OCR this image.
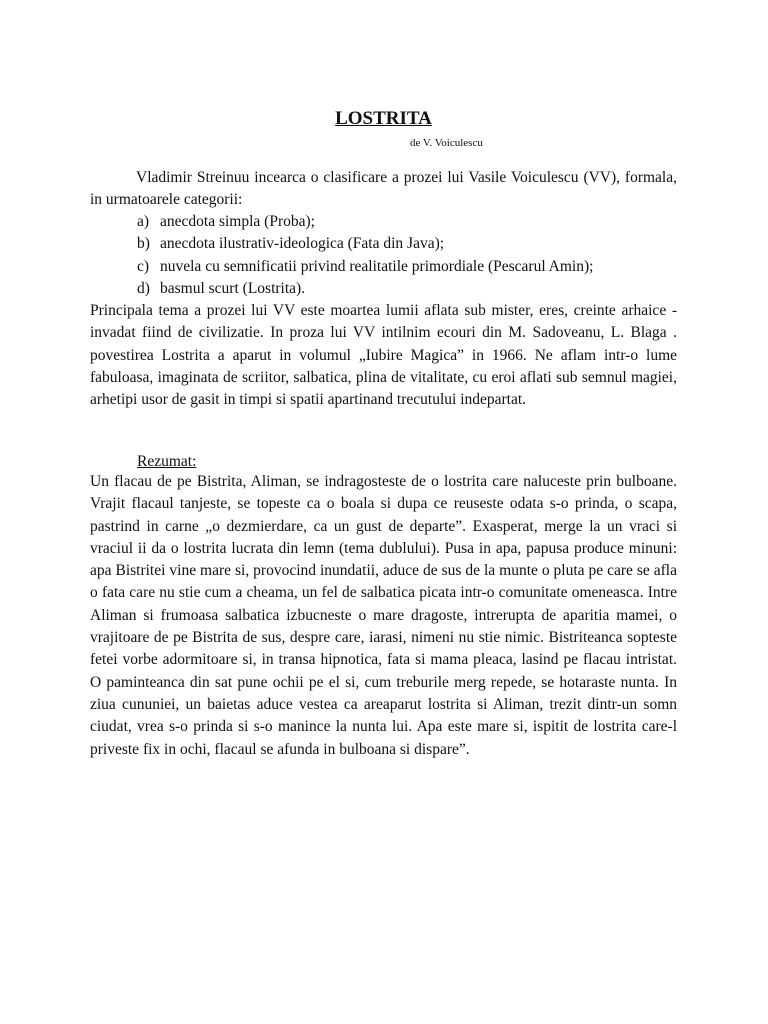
LOSTRITA
de V. Voiculescu

Vladimir Streinuu incearca o clasificare a prozei lui Vasile Voiculescu (VV), formala, in urmatoarele categorii:

a) anecdota simpla (Proba);
b) anecdota ilustrativ-ideologica (Fata din Java);
c) nuvela cu semnificatii privind realitatile primordiale (Pescarul Amin);
d) basmul scurt (Lostrita).

Principala tema a prozei lui VV este moartea lumii aflata sub mister, eres, creinte arhaice - invadat fiind de civilizatie. In proza lui VV intilnim ecouri din M. Sadoveanu, L. Blaga . povestirea Lostrita a aparut in volumul „Iubire Magica” in 1966. Ne aflam intr-o lume fabuloasa, imaginata de scriitor, salbatica, plina de vitalitate, cu eroi aflati sub semnul magiei, arhetipi usor de gasit in timpi si spatii apartinand trecutului indepartat.

Rezumat:

Un flacau de pe Bistrita, Aliman, se indragosteste de o lostrita care naluceste prin bulboane. Vrajit flacaul tanjeste, se topeste ca o boala si dupa ce reuseste odata s-o prinda, o scapa, pastrind in carne „o dezmierdare, ca un gust de departe”. Exasperat, merge la un vraci si vraciul ii da o lostrita lucrata din lemn (tema dublului). Pusa in apa, papusa produce minuni: apa Bistritei vine mare si, provocind inundatii, aduce de sus de la munte o pluta pe care se afla o fata care nu stie cum a cheama, un fel de salbatica picata intr-o comunitate omeneasca. Intre Aliman si frumoasa salbatica izbucneste o mare dragoste, intrerupta de aparitia mamei, o vrajitoare de pe Bistrita de sus, despre care, iarasi, nimeni nu stie nimic. Bistriteanca sopteste fetei vorbe adormitoare si, in transa hipnotica, fata si mama pleaca, lasind pe flacau intristat. O paminteanca din sat pune ochii pe el si, cum treburile merg repede, se hotaraste nunta. In ziua cununiei, un baietas aduce vestea ca areaparut lostrita si Aliman, trezit dintr-un somn ciudat, vrea s-o prinda si s-o manince la nunta lui. Apa este mare si, ispitit de lostrita care-l priveste fix in ochi, flacaul se afunda in bulboana si dispare”.
